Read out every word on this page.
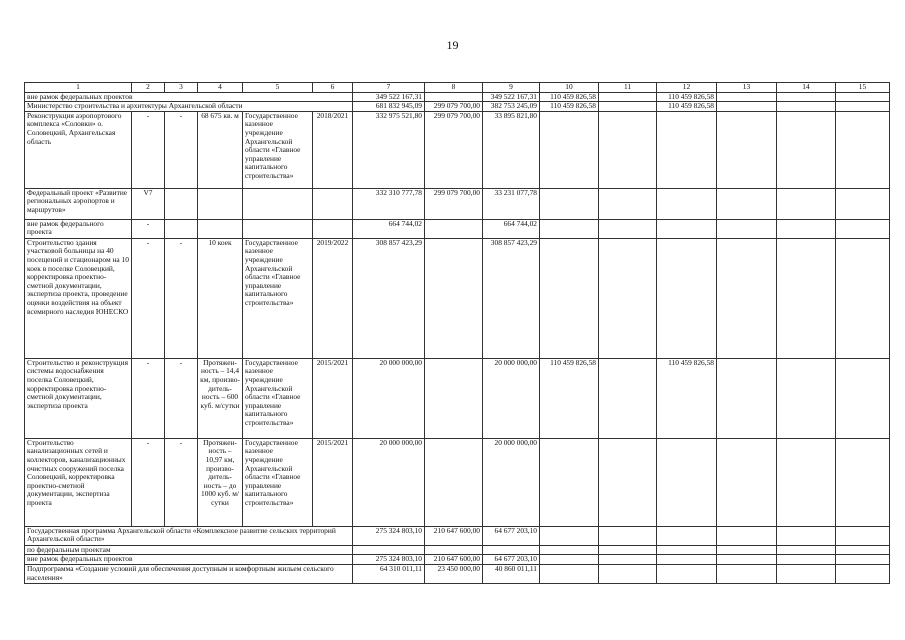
19
1	2	3	4	5	6	7	8	9	10	11	12	13	14	15
вне рамок федеральных проектов						349 522 167,31		349 522 167,31	110 459 826,58		110 459 826,58			
Министерство строительства и архитектуры Архангельской области						681 832 945,09	299 079 700,00	382 753 245,09	110 459 826,58		110 459 826,58			
Реконструкция аэропортового комплекса «Соловки» о. Соловецкий, Архангельская область	-	-	68 675 кв. м	Государственное казенное учреждение Архангельской области «Главное управление капитального строительства»	2018/2021	332 975 521,80	299 079 700,00	33 895 821,80						
Федеральный проект «Развитие региональных аэропортов и маршрутов»	V7					332 310 777,78	299 079 700,00	33 231 077,78						
вне рамок федерального проекта	-					664 744,02		664 744,02						
Строительство здания участковой больницы на 40 посещений и стационаром на 10 коек в поселке Соловецкий, корректировка проектно-сметной документации, экспертиза проекта, проведение оценки воздействия на объект всемирного наследия ЮНЕСКО	-	-	10 коек	Государственное казенное учреждение Архангельской области «Главное управление капитального строительства»	2019/2022	308 857 423,29		308 857 423,29						
Строительство и реконструкция системы водоснабжения поселка Соловецкий, корректировка проектно-сметной документации, экспертиза проекта	-	-	Протяжен-ность – 14,4 км, произво-дитель-ность – 600 куб. м/сутки	Государственное казенное учреждение Архангельской области «Главное управление капитального строительства»	2015/2021	20 000 000,00		20 000 000,00	110 459 826,58		110 459 826,58			
Строительство канализационных сетей и коллекторов, канализационных очистных сооружений поселка Соловецкий, корректировка проектно-сметной документации, экспертиза проекта	-	-	Протяжен-ность – 10,97 км, произво-дитель-ность – до 1000 куб. м/сутки	Государственное казенное учреждение Архангельской области «Главное управление капитального строительства»	2015/2021	20 000 000,00		20 000 000,00						
Государственная программа Архангельской области «Комплексное развитие сельских территорий Архангельской области»						275 324 803,10	210 647 600,00	64 677 203,10						
по федеральным проектам														
вне рамок федеральных проектов						275 324 803,10	210 647 600,00	64 677 203,10						
Подпрограмма «Создание условий для обеспечения доступным и комфортным жильем сельского населения»						64 310 011,11	23 450 000,00	40 860 011,11						
